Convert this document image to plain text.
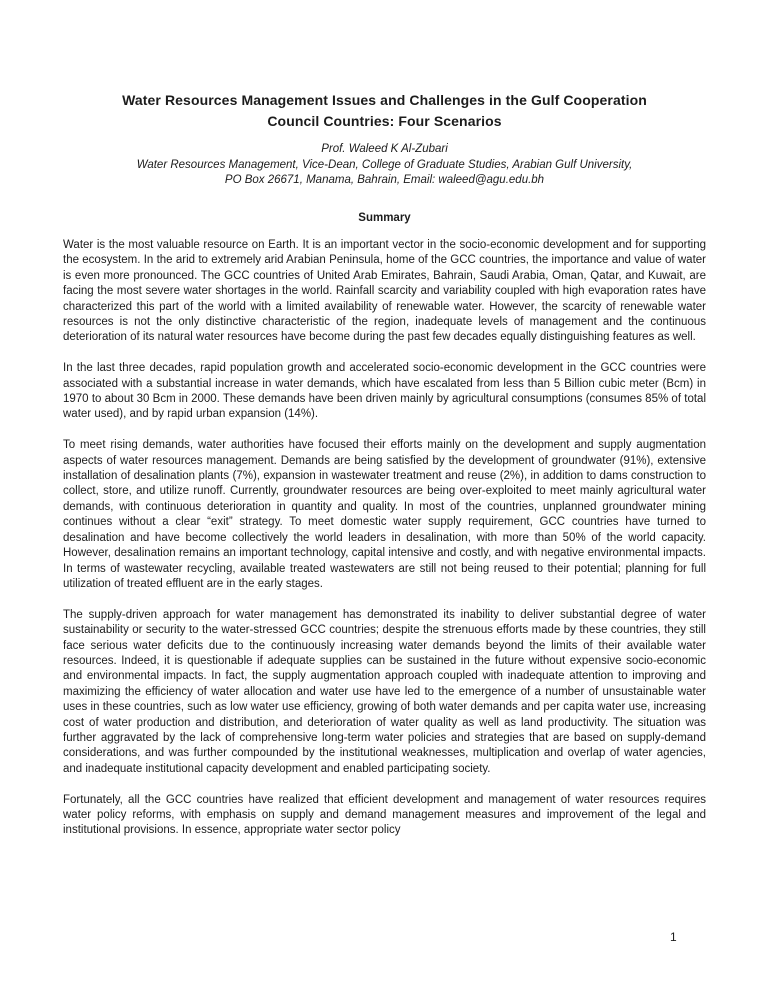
Water Resources Management Issues and Challenges in the Gulf Cooperation
Council Countries: Four Scenarios
Prof. Waleed K Al-Zubari
Water Resources Management, Vice-Dean, College of Graduate Studies, Arabian Gulf University,
PO Box 26671, Manama, Bahrain, Email: waleed@agu.edu.bh
Summary

Water is the most valuable resource on Earth. It is an important vector in the socio-economic development and for supporting the ecosystem. In the arid to extremely arid Arabian Peninsula, home of the GCC countries, the importance and value of water is even more pronounced. The GCC countries of United Arab Emirates, Bahrain, Saudi Arabia, Oman, Qatar, and Kuwait, are facing the most severe water shortages in the world. Rainfall scarcity and variability coupled with high evaporation rates have characterized this part of the world with a limited availability of renewable water. However, the scarcity of renewable water resources is not the only distinctive characteristic of the region, inadequate levels of management and the continuous deterioration of its natural water resources have become during the past few decades equally distinguishing features as well.

In the last three decades, rapid population growth and accelerated socio-economic development in the GCC countries were associated with a substantial increase in water demands, which have escalated from less than 5 Billion cubic meter (Bcm) in 1970 to about 30 Bcm in 2000. These demands have been driven mainly by agricultural consumptions (consumes 85% of total water used), and by rapid urban expansion (14%).

To meet rising demands, water authorities have focused their efforts mainly on the development and supply augmentation aspects of water resources management. Demands are being satisfied by the development of groundwater (91%), extensive installation of desalination plants (7%), expansion in wastewater treatment and reuse (2%), in addition to dams construction to collect, store, and utilize runoff. Currently, groundwater resources are being over-exploited to meet mainly agricultural water demands, with continuous deterioration in quantity and quality. In most of the countries, unplanned groundwater mining continues without a clear “exit” strategy. To meet domestic water supply requirement, GCC countries have turned to desalination and have become collectively the world leaders in desalination, with more than 50% of the world capacity. However, desalination remains an important technology, capital intensive and costly, and with negative environmental impacts. In terms of wastewater recycling, available treated wastewaters are still not being reused to their potential; planning for full utilization of treated effluent are in the early stages.

The supply-driven approach for water management has demonstrated its inability to deliver substantial degree of water sustainability or security to the water-stressed GCC countries; despite the strenuous efforts made by these countries, they still face serious water deficits due to the continuously increasing water demands beyond the limits of their available water resources. Indeed, it is questionable if adequate supplies can be sustained in the future without expensive socio-economic and environmental impacts. In fact, the supply augmentation approach coupled with inadequate attention to improving and maximizing the efficiency of water allocation and water use have led to the emergence of a number of unsustainable water uses in these countries, such as low water use efficiency, growing of both water demands and per capita water use, increasing cost of water production and distribution, and deterioration of water quality as well as land productivity. The situation was further aggravated by the lack of comprehensive long-term water policies and strategies that are based on supply-demand considerations, and was further compounded by the institutional weaknesses, multiplication and overlap of water agencies, and inadequate institutional capacity development and enabled participating society.

Fortunately, all the GCC countries have realized that efficient development and management of water resources requires water policy reforms, with emphasis on supply and demand management measures and improvement of the legal and institutional provisions. In essence, appropriate water sector policy

1
